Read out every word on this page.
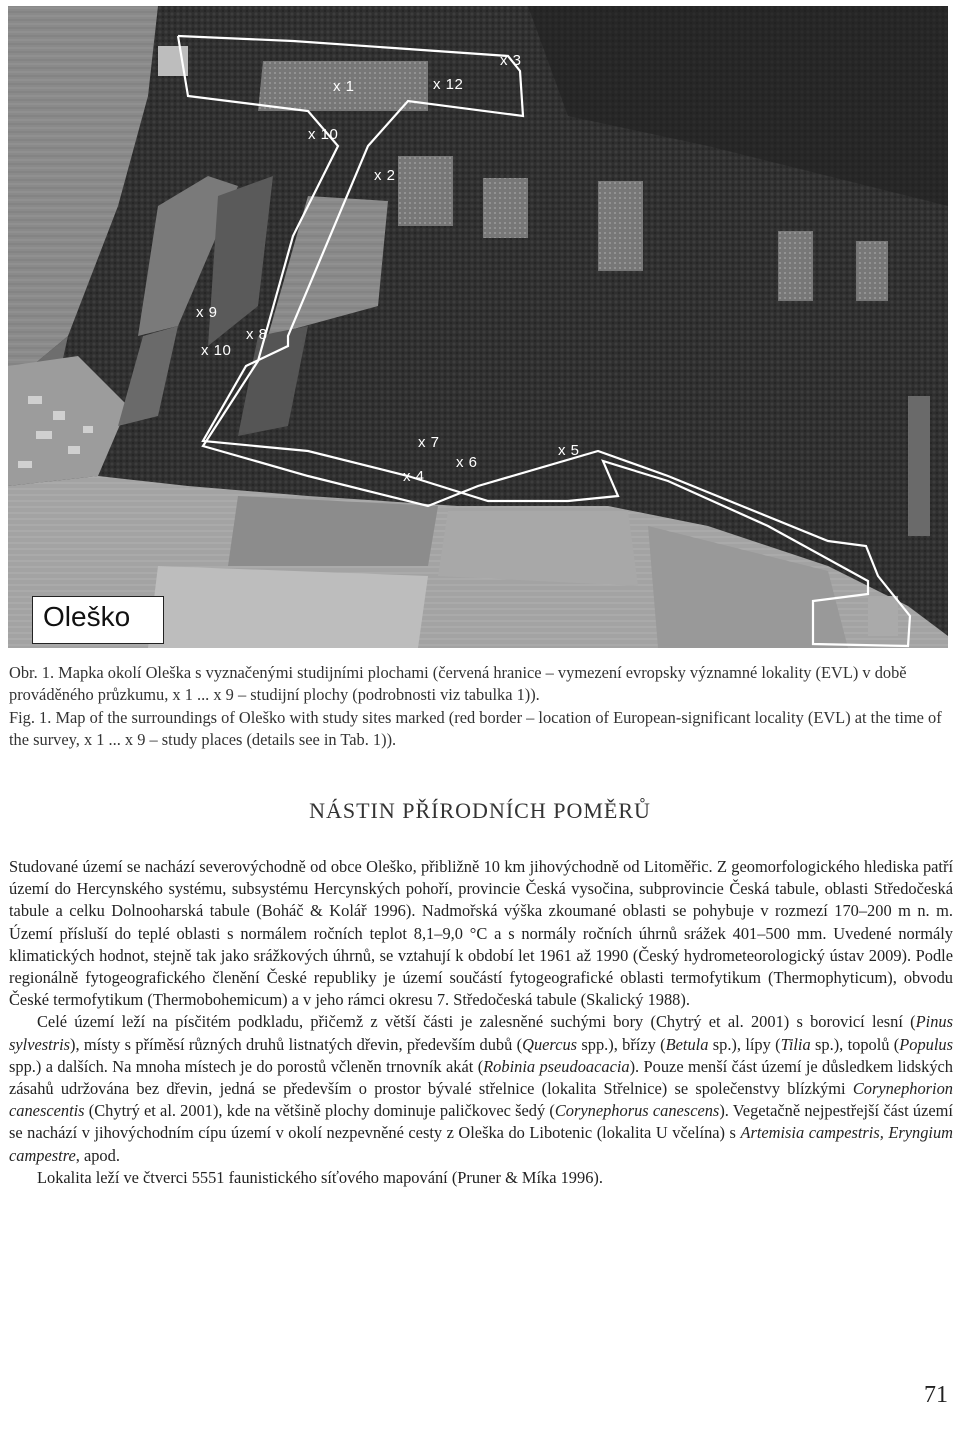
x 3
x 1	x 12
x 10
x 2
x 9
x 8
x 10
x 7
x 6
x 5
x 4
Oleško
Obr. 1. Mapka okolí Oleška s vyznačenými studijními plochami (červená hranice – vymezení evropsky významné lokality (EVL) v době prováděného průzkumu, x 1 ... x 9 – studijní plochy (podrobnosti viz tabulka 1)).
Fig. 1. Map of the surroundings of Oleško with study sites marked (red border – location of European-significant locality (EVL) at the time of the survey, x 1 ... x 9 – study places (details see in Tab. 1)).
NÁSTIN PŘÍRODNÍCH POMĚRŮ

Studované území se nachází severovýchodně od obce Oleško, přibližně 10 km jihovýchodně od Litoměřic. Z geomorfologického hlediska patří území do Hercynského systému, subsystému Hercynských pohoří, provincie Česká vysočina, subprovincie Česká tabule, oblasti Středočeská tabule a celku Dolnooharská tabule (Boháč & Kolář 1996). Nadmořská výška zkoumané oblasti se pohybuje v rozmezí 170–200 m n. m. Území přísluší do teplé oblasti s normálem ročních teplot 8,1–9,0 °C a s normály ročních úhrnů srážek 401–500 mm. Uvedené normály klimatických hodnot, stejně tak jako srážkových úhrnů, se vztahují k období let 1961 až 1990 (Český hydrometeorologický ústav 2009). Podle regionálně fytogeografického členění České republiky je území součástí fytogeografické oblasti termofytikum (Thermophyticum), obvodu České termofytikum (Thermobohemicum) a v jeho rámci okresu 7. Středočeská tabule (Skalický 1988).

Celé území leží na písčitém podkladu, přičemž z větší části je zalesněné suchými bory (Chytrý et al. 2001) s borovicí lesní (Pinus sylvestris), místy s příměsí různých druhů listnatých dřevin, především dubů (Quercus spp.), břízy (Betula sp.), lípy (Tilia sp.), topolů (Populus spp.) a dalších. Na mnoha místech je do porostů včleněn trnovník akát (Robinia pseudoacacia). Pouze menší část území je důsledkem lidských zásahů udržována bez dřevin, jedná se především o prostor bývalé střelnice (lokalita Střelnice) se společenstvy blízkými Corynephorion canescentis (Chytrý et al. 2001), kde na většině plochy dominuje paličkovec šedý (Corynephorus canescens). Vegetačně nejpestřejší část území se nachází v jihovýchodním cípu území v okolí nezpevněné cesty z Oleška do Libotenic (lokalita U včelína) s Artemisia campestris, Eryngium campestre, apod.

Lokalita leží ve čtverci 5551 faunistického síťového mapování (Pruner & Míka 1996).

71
